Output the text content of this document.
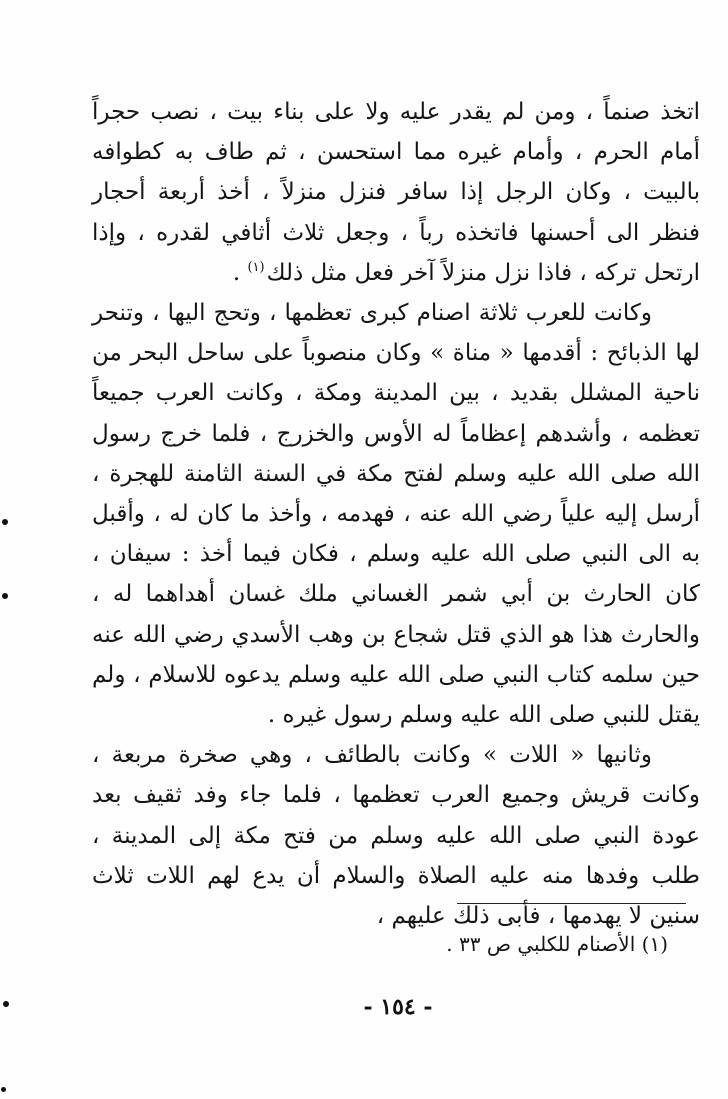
اتخذ صنماً ، ومن لم يقدر عليه ولا على بناء بيت ، نصب حجراً أمام الحرم ، وأمام غيره مما استحسن ، ثم طاف به كطوافه بالبيت ، وكان الرجل إذا سافر فنزل منزلاً ، أخذ أربعة أحجار فنظر الى أحسنها فاتخذه رباً ، وجعل ثلاث أثافي لقدره ، وإذا ارتحل تركه ، فاذا نزل منزلاً آخر فعل مثل ذلك$^{(١)}$ .

وكانت للعرب ثلاثة اصنام كبرى تعظمها ، وتحج اليها ، وتنحر لها الذبائح : أقدمها « مناة » وكان منصوباً على ساحل البحر من ناحية المشلل بقديد ، بين المدينة ومكة ، وكانت العرب جميعاً تعظمه ، وأشدهم إعظاماً له الأوس والخزرج ، فلما خرج رسول الله صلى الله عليه وسلم لفتح مكة في السنة الثامنة للهجرة ، أرسل إليه علياً رضي الله عنه ، فهدمه ، وأخذ ما كان له ، وأقبل به الى النبي صلى الله عليه وسلم ، فكان فيما أخذ : سيفان ، كان الحارث بن أبي شمر الغساني ملك غسان أهداهما له ، والحارث هذا هو الذي قتل شجاع بن وهب الأسدي رضي الله عنه حين سلمه كتاب النبي صلى الله عليه وسلم يدعوه للاسلام ، ولم يقتل للنبي صلى الله عليه وسلم رسول غيره .

وثانيها « اللات » وكانت بالطائف ، وهي صخرة مربعة ، وكانت قريش وجميع العرب تعظمها ، فلما جاء وفد ثقيف بعد عودة النبي صلى الله عليه وسلم من فتح مكة إلى المدينة ، طلب وفدها منه عليه الصلاة والسلام أن يدع لهم اللات ثلاث سنين لا يهدمها ، فأبى ذلك عليهم ،

(١) الأصنام للكلبي ص ٣٣ .
- ١٥٤ -
